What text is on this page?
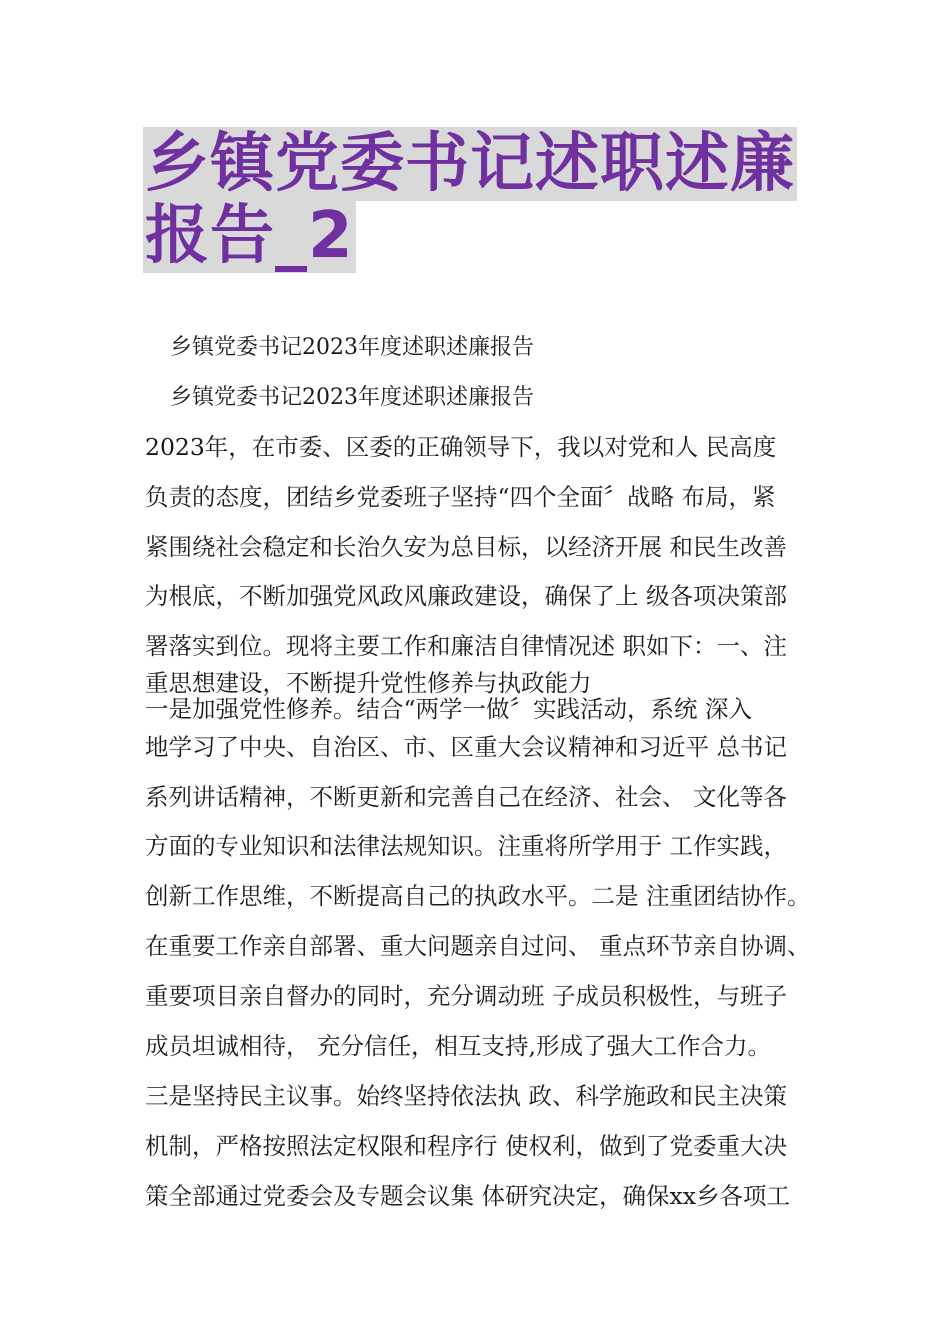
乡镇党委书记述职述廉报告_2
乡镇党委书记2023年度述职述廉报告
乡镇党委书记2023年度述职述廉报告
2023年，在市委、区委的正确领导下，我以对党和人 民高度
负责的态度，团结乡党委班子坚持“四个全面〞战略 布局，紧
紧围绕社会稳定和长治久安为总目标，以经济开展 和民生改善
为根底，不断加强党风政风廉政建设，确保了上 级各项决策部
署落实到位。现将主要工作和廉洁自律情况述 职如下：一、注
重思想建设，不断提升党性修养与执政能力
一是加强党性修养。结合“两学一做〞实践活动，系统 深入
地学习了中央、自治区、市、区重大会议精神和习近平 总书记
系列讲话精神，不断更新和完善自己在经济、社会、 文化等各
方面的专业知识和法律法规知识。注重将所学用于 工作实践，
创新工作思维，不断提高自己的执政水平。二是 注重团结协作。
在重要工作亲自部署、重大问题亲自过问、 重点环节亲自协调、
重要项目亲自督办的同时，充分调动班 子成员积极性，与班子
成员坦诚相待， 充分信任，相互支持,形成了强大工作合力。
三是坚持民主议事。始终坚持依法执 政、科学施政和民主决策
机制，严格按照法定权限和程序行 使权利，做到了党委重大决
策全部通过党委会及专题会议集 体研究决定，确保xx乡各项工
